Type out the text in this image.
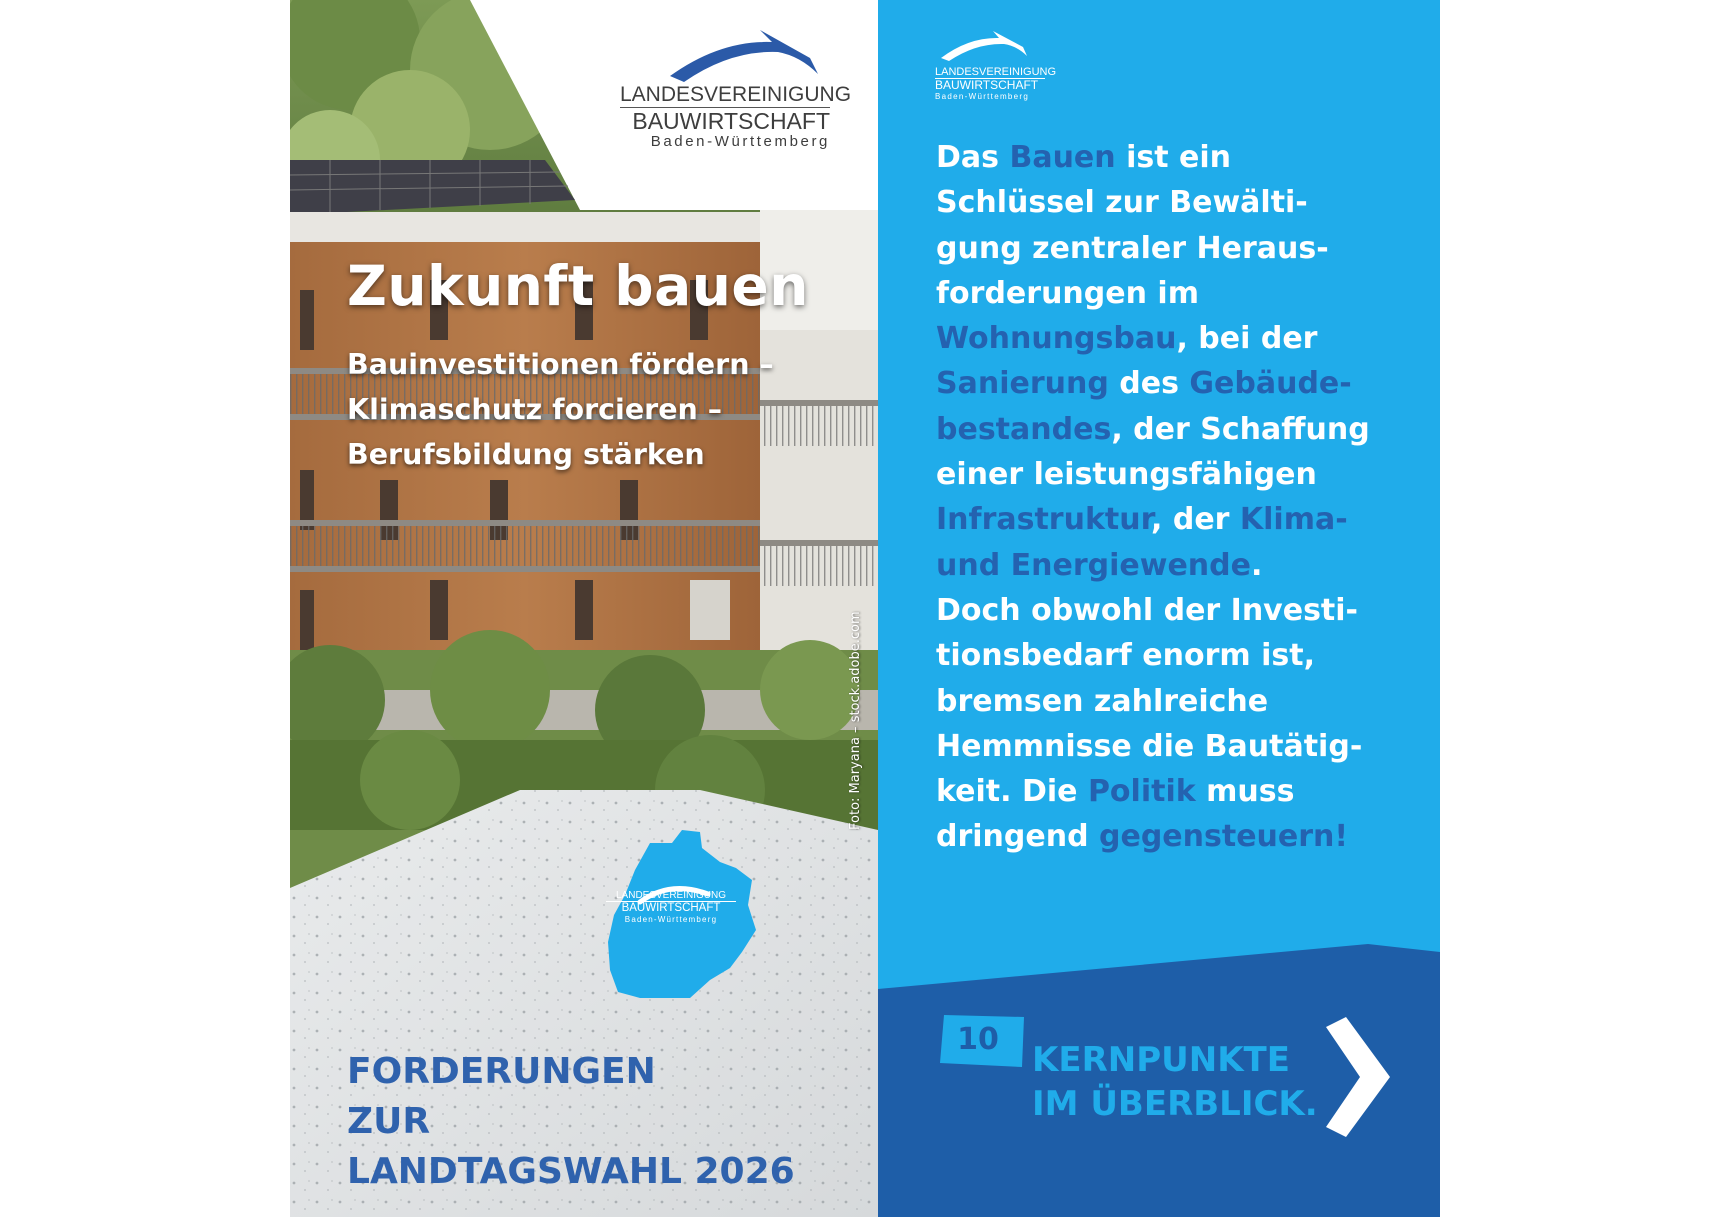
LANDESVEREINIGUNG
BAUWIRTSCHAFT
Baden-Württemberg
Zukunft bauen
Bauinvestitionen fördern –
Klimaschutz forcieren –
Berufsbildung stärken
Foto: Maryana – stock.adobe.com
LANDESVEREINIGUNG
BAUWIRTSCHAFT
Baden-Württemberg
FORDERUNGEN
ZUR
LANDTAGSWAHL 2026
LANDESVEREINIGUNG
BAUWIRTSCHAFT
Baden-Württemberg
Das Bauen ist ein
Schlüssel zur Bewälti-
gung zentraler Heraus-
forderungen im
Wohnungsbau, bei der
Sanierung des Gebäude-
bestandes, der Schaffung
einer leistungsfähigen
Infrastruktur, der Klima-
und Energiewende.
Doch obwohl der Investi-
tionsbedarf enorm ist,
bremsen zahlreiche
Hemmnisse die Bautätig-
keit. Die Politik muss
dringend gegensteuern!
10
KERNPUNKTE
IM ÜBERBLICK.
